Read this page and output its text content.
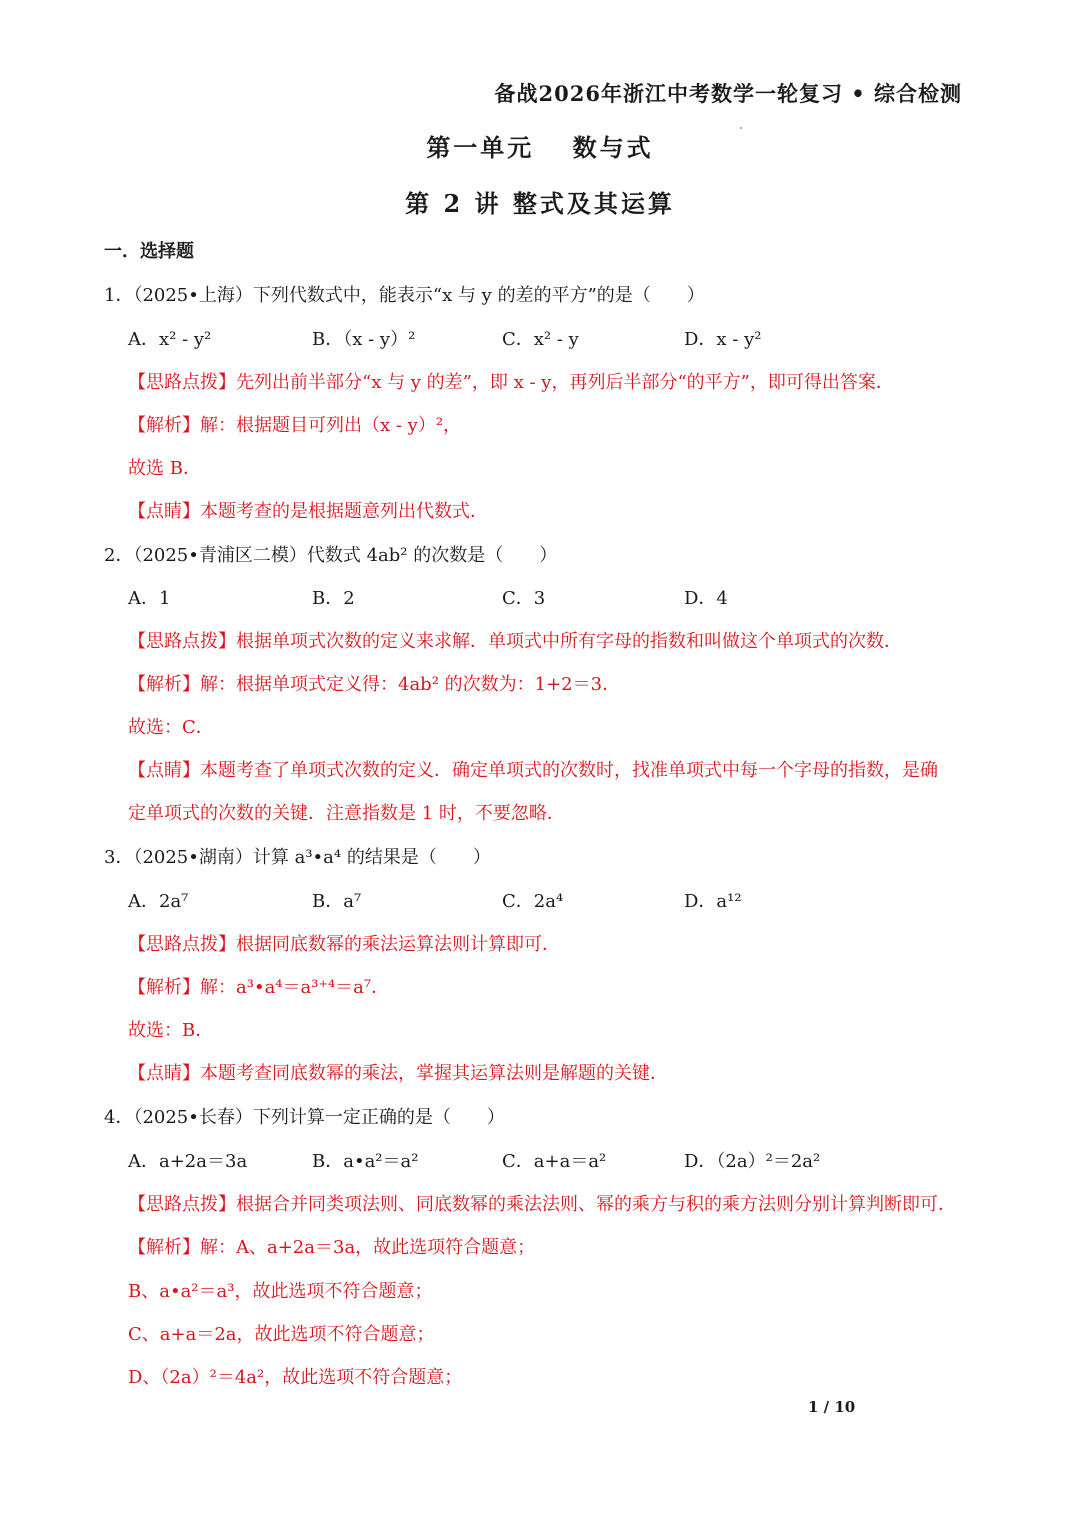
备战2026年浙江中考数学一轮复习 • 综合检测
第一单元　 数与式
第 2 讲 整式及其运算
一．选择题
1．（2025•上海）下列代数式中，能表示“x 与 y 的差的平方”的是（　　）
A．x² - y²	B．（x - y）²	C．x² - y	D．x - y²
【思路点拨】先列出前半部分“x 与 y 的差”，即 x - y，再列后半部分“的平方”，即可得出答案．
【解析】解：根据题目可列出（x - y）²，
故选 B．
【点睛】本题考查的是根据题意列出代数式．
2．（2025•青浦区二模）代数式 4ab² 的次数是（　　）
A．1	B．2	C．3	D．4
【思路点拨】根据单项式次数的定义来求解．单项式中所有字母的指数和叫做这个单项式的次数．
【解析】解：根据单项式定义得：4ab² 的次数为：1+2＝3．
故选：C．
【点睛】本题考查了单项式次数的定义．确定单项式的次数时，找准单项式中每一个字母的指数，是确
定单项式的次数的关键．注意指数是 1 时，不要忽略．
3．（2025•湖南）计算 a³•a⁴ 的结果是（　　）
A．2a⁷	B．a⁷	C．2a⁴	D．a¹²
【思路点拨】根据同底数幂的乘法运算法则计算即可．
【解析】解：a³•a⁴＝a³⁺⁴＝a⁷．
故选：B．
【点睛】本题考查同底数幂的乘法，掌握其运算法则是解题的关键．
4．（2025•长春）下列计算一定正确的是（　　）
A．a+2a＝3a	B．a•a²＝a²	C．a+a＝a²	D．（2a）²＝2a²
【思路点拨】根据合并同类项法则、同底数幂的乘法法则、幂的乘方与积的乘方法则分别计算判断即可．
【解析】解：A、a+2a＝3a，故此选项符合题意；
B、a•a²＝a³，故此选项不符合题意；
C、a+a＝2a，故此选项不符合题意；
D、（2a）²＝4a²，故此选项不符合题意；
1 / 10
